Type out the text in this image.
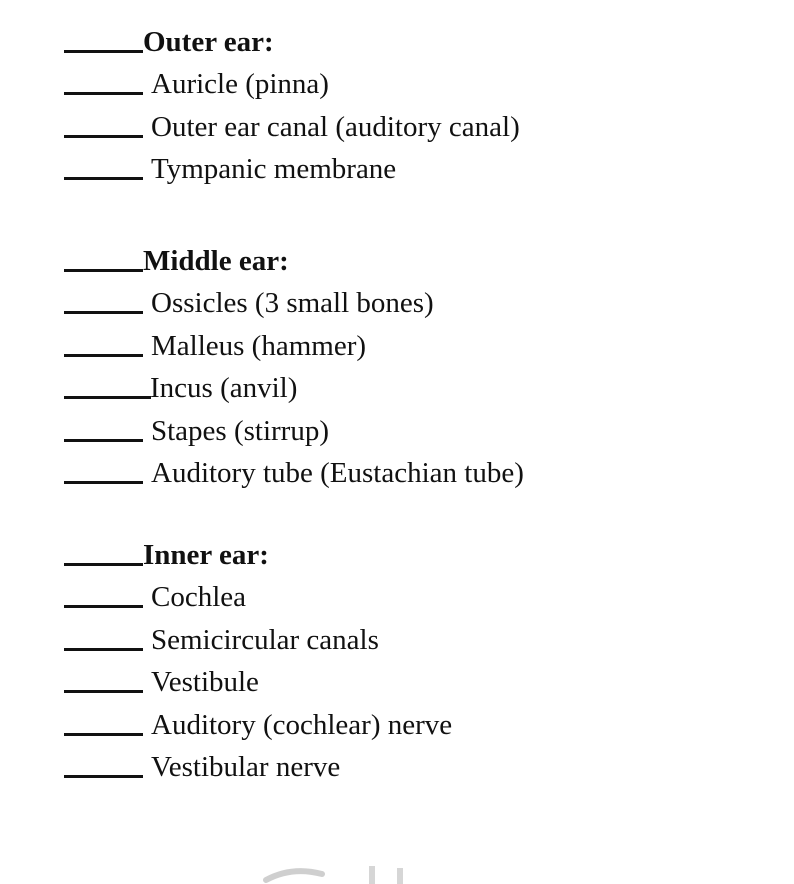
Outer ear:
Auricle (pinna)
Outer ear canal (auditory canal)
Tympanic membrane
Middle ear:
Ossicles (3 small bones)
Malleus (hammer)
Incus (anvil)
Stapes (stirrup)
Auditory tube (Eustachian tube)
Inner ear:
Cochlea
Semicircular canals
Vestibule
Auditory (cochlear) nerve
Vestibular nerve
